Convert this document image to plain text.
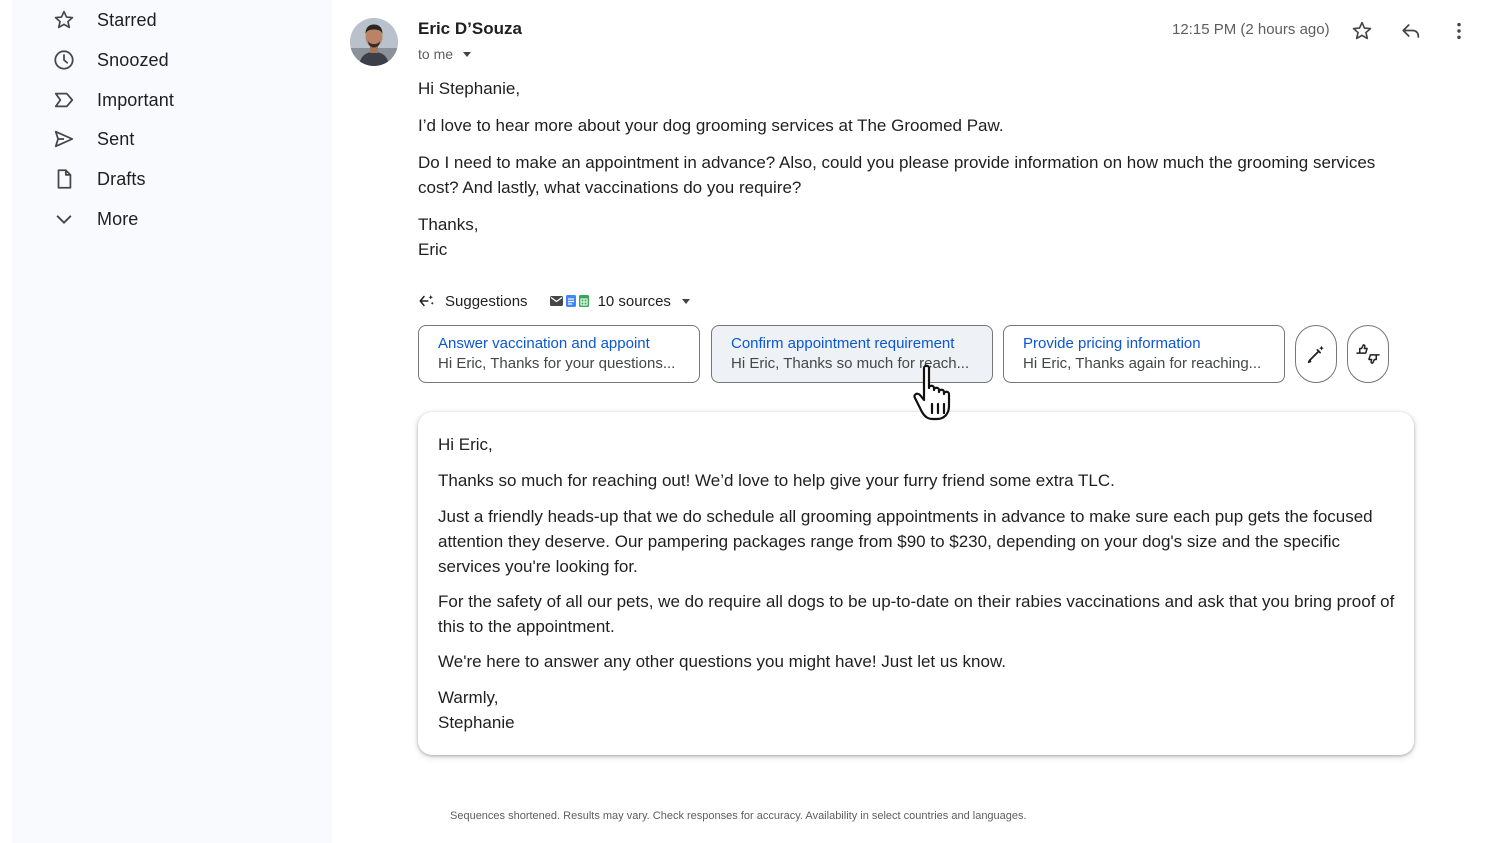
Starred
Snoozed
Important
Sent
Drafts
More
Eric D’Souza
to me
12:15 PM (2 hours ago)
Hi Stephanie,
I’d love to hear more about your dog grooming services at The Groomed Paw.
Do I need to make an appointment in advance? Also, could you please provide information on how much the grooming services cost? And lastly, what vaccinations do you require?
Thanks,
Eric
Suggestions	10 sources
Answer vaccination and appoint
Hi Eric, Thanks for your questions...
Confirm appointment requirement
Hi Eric, Thanks so much for reach...
Provide pricing information
Hi Eric, Thanks again for reaching...
Hi Eric,
Thanks so much for reaching out! We’d love to help give your furry friend some extra TLC.
Just a friendly heads-up that we do schedule all grooming appointments in advance to make sure each pup gets the focused attention they deserve. Our pampering packages range from $90 to $230, depending on your dog's size and the specific services you're looking for.
For the safety of all our pets, we do require all dogs to be up-to-date on their rabies vaccinations and ask that you bring proof of this to the appointment.
We're here to answer any other questions you might have! Just let us know.
Warmly,
Stephanie
Sequences shortened. Results may vary. Check responses for accuracy. Availability in select countries and languages.
